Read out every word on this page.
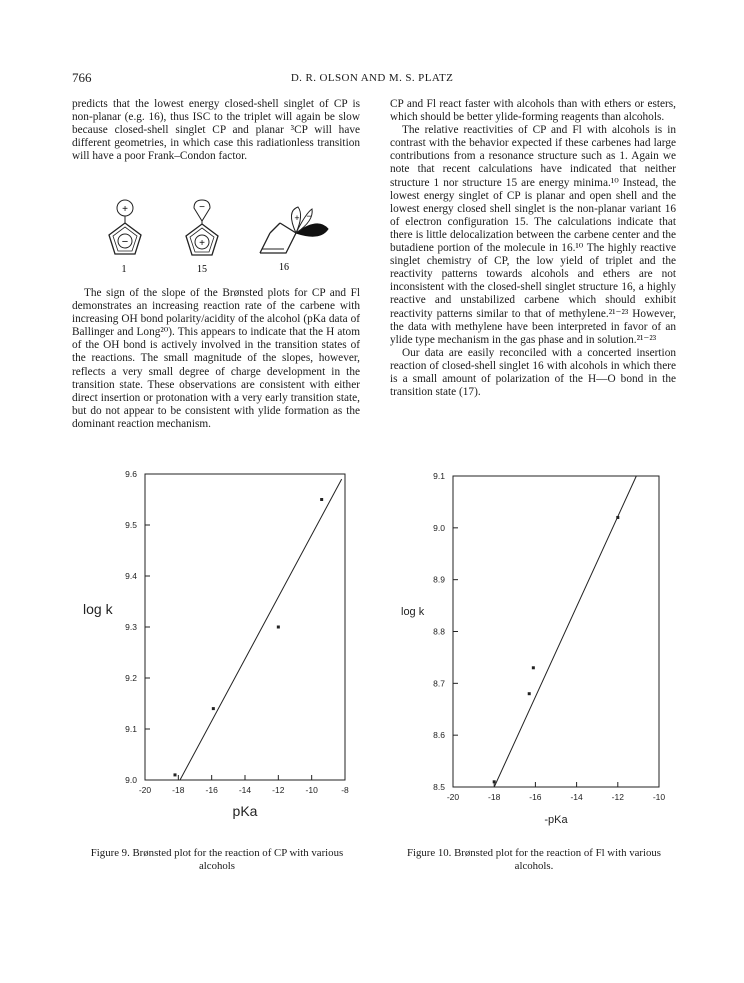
766	D. R. OLSON AND M. S. PLATZ

predicts that the lowest energy closed-shell singlet of CP is non-planar (e.g. 16), thus ISC to the triplet will again be slow because closed-shell singlet CP and planar ³CP will have different geometries, in which case this radiationless transition will have a poor Frank–Condon factor.

+
−
−
+
+ −
1	15	16

The sign of the slope of the Brønsted plots for CP and Fl demonstrates an increasing reaction rate of the carbene with increasing OH bond polarity/acidity of the alcohol (pKa data of Ballinger and Long²⁰). This appears to indicate that the H atom of the OH bond is actively involved in the transition states of the reactions. The small magnitude of the slopes, however, reflects a very small degree of charge development in the transition state. These observations are consistent with either direct insertion or protonation with a very early transition state, but do not appear to be consistent with ylide formation as the dominant reaction mechanism.

CP and Fl react faster with alcohols than with ethers or esters, which should be better ylide-forming reagents than alcohols.

The relative reactivities of CP and Fl with alcohols is in contrast with the behavior expected if these carbenes had large contributions from a resonance structure such as 1. Again we note that recent calculations have indicated that neither structure 1 nor structure 15 are energy minima.¹⁰ Instead, the lowest energy singlet of CP is planar and open shell and the lowest energy closed shell singlet is the non-planar variant 16 of electron configuration 15. The calculations indicate that there is little delocalization between the carbene center and the butadiene portion of the molecule in 16.¹⁰ The highly reactive singlet chemistry of CP, the low yield of triplet and the reactivity patterns towards alcohols and ethers are not inconsistent with the closed-shell singlet structure 16, a highly reactive and unstabilized carbene which should exhibit reactivity patterns similar to that of methylene.²¹⁻²³ However, the data with methylene have been interpreted in favor of an ylide type mechanism in the gas phase and in solution.²¹⁻²³

Our data are easily reconciled with a concerted insertion reaction of closed-shell singlet 16 with alcohols in which there is a small amount of polarization of the H—O bond in the transition state (17).

9.0
9.1
9.2
9.3
9.4
9.5
9.6
-20 -18 -16 -14 -12 -10	-8
pKa
log k
8.5
8.6
8.7
8.8
8.9
9.0
9.1
-20	-18	-16	-14	-12	-10
-pKa
log k
Figure 9. Brønsted plot for the reaction of CP with various alcohols
Figure 10. Brønsted plot for the reaction of Fl with various alcohols.
